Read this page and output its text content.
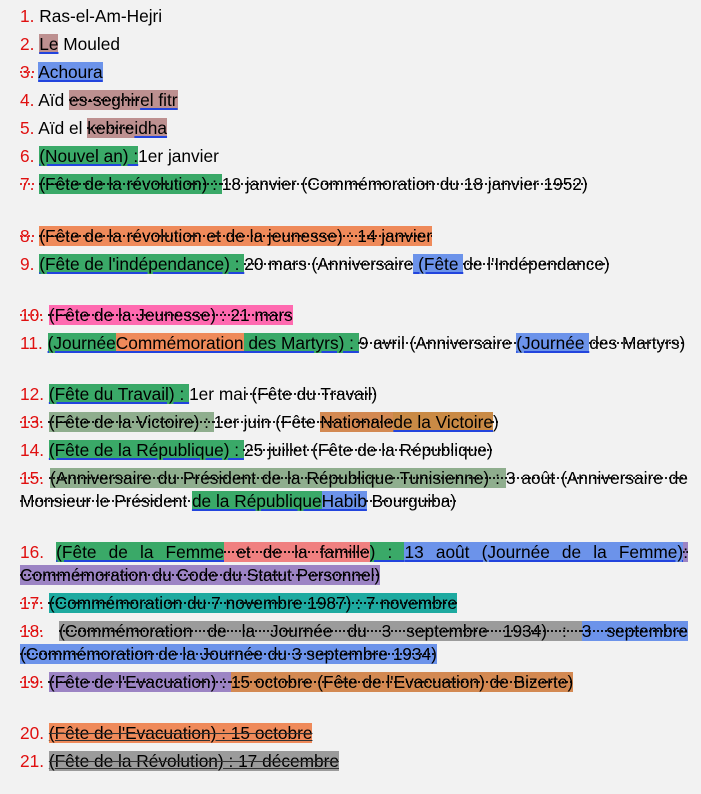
1. Ras-el-Am-Hejri
2. Le Mouled
3. Achoura
4. Aïd es-seghirel fitr
5. Aïd el kebireidha
6. (Nouvel an) :1er janvier
7. (Fête de la révolution) : 18 janvier (Commémoration du 18 janvier 1952)
8. (Fête de la révolution et de la jeunesse) : 14 janvier
9. (Fête de l'indépendance) : 20 mars (Anniversaire (Fête de l'Indépendance)
10. (Fête de la Jeunesse) : 21 mars
11. (JournéeCommémoration des Martyrs) : 9 avril (Anniversaire (Journée des Martyrs)
12. (Fête du Travail) : 1er mai (Fête du Travail)
13. (Fête de la Victoire) : 1er juin (Fête Nationalede la Victoire)
14. (Fête de la République) : 25 juillet (Fête de la République)
15. (Anniversaire du Président de la République Tunisienne) : 3 août (Anniversaire de Monsieur le Président de la RépubliqueHabib Bourguiba)
16. (Fête de la Femme et de la famille) : 13 août (Journée de la Femme): Commémoration du Code du Statut Personnel)
17. (Commémoration du 7 novembre 1987) : 7 novembre
18. (Commémoration de la Journée du 3 septembre 1934) : 3 septembre (Commémoration de la Journée du 3 septembre 1934)
19. (Fête de l'Evacuation) : 15 octobre (Fête de l'Evacuation) de Bizerte)
20. (Fête de l'Evacuation) : 15 octobre
21. (Fête de la Révolution) : 17 décembre
